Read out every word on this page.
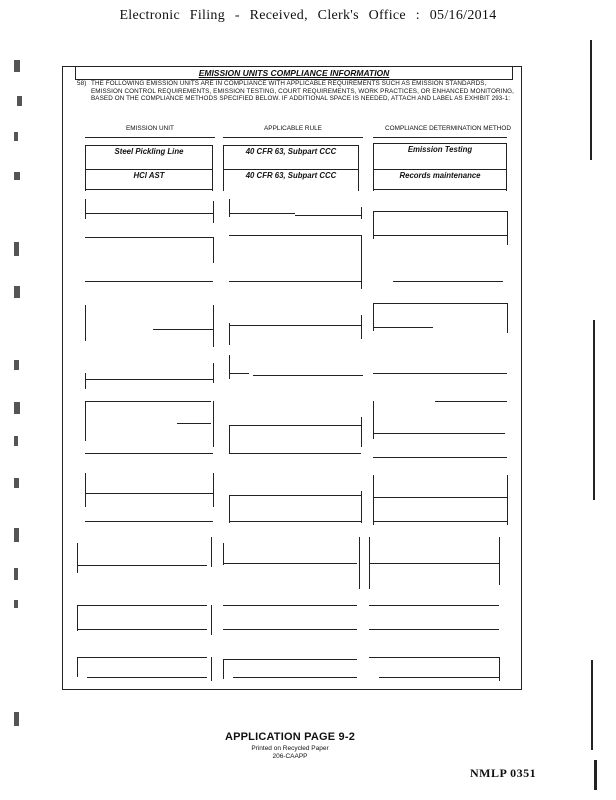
Electronic Filing - Received, Clerk's Office : 05/16/2014
EMISSION UNITS COMPLIANCE INFORMATION
58) THE FOLLOWING EMISSION UNITS ARE IN COMPLIANCE WITH APPLICABLE REQUIREMENTS SUCH AS EMISSION STANDARDS, EMISSION CONTROL REQUIREMENTS, EMISSION TESTING, COURT REQUIREMENTS, WORK PRACTICES, OR ENHANCED MONITORING, BASED ON THE COMPLIANCE METHODS SPECIFIED BELOW. IF ADDITIONAL SPACE IS NEEDED, ATTACH AND LABEL AS EXHIBIT 293-1:
EMISSION UNIT	APPLICABLE RULE	COMPLIANCE DETERMINATION METHOD
Steel Pickling Line	40 CFR 63, Subpart CCC	Emission Testing
HCl AST	40 CFR 63, Subpart CCC	Records maintenance
APPLICATION PAGE 9-2
Printed on Recycled Paper
206-CAAPP
NMLP 0351
